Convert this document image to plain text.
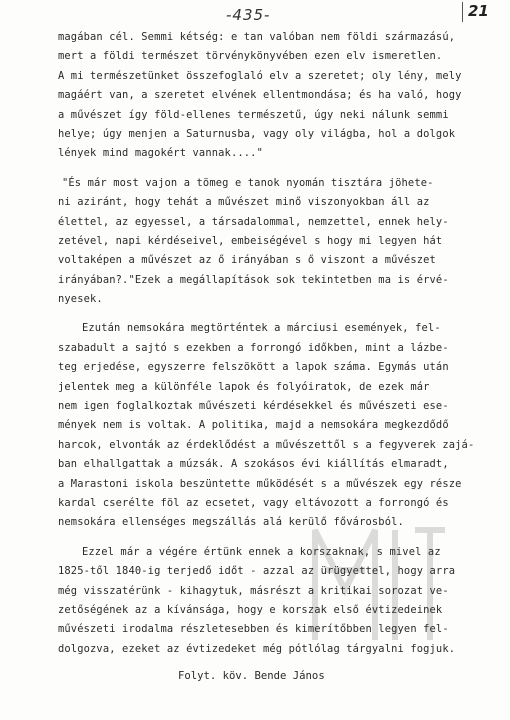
-435-	21
magában cél. Semmi kétség: e tan valóban nem földi származású,
mert a földi természet törvénykönyvében ezen elv ismeretlen.
A mi természetünket összefoglaló elv a szeretet; oly lény, mely
magáért van, a szeretet elvének ellentmondása; és ha való, hogy
a művészet így föld-ellenes természetű, úgy neki nálunk semmi
helye; úgy menjen a Saturnusba, vagy oly világba, hol a dolgok
lények mind magokért vannak...."
"És már most vajon a tömeg e tanok nyomán tisztára jöhete-
ni aziránt, hogy tehát a művészet minő viszonyokban áll az
élettel, az egyessel, a társadalommal, nemzettel, ennek hely-
zetével, napi kérdéseivel, embeiségével s hogy mi legyen hát
voltaképen a művészet az ő irányában s ő viszont a művészet
irányában?."Ezek a megállapítások sok tekintetben ma is érvé-
nyesek.
Ezután nemsokára megtörténtek a márciusi események, fel-
szabadult a sajtó s ezekben a forrongó időkben, mint a lázbe-
teg erjedése, egyszerre felszökött a lapok száma. Egymás után
jelentek meg a különféle lapok és folyóiratok, de ezek már
nem igen foglalkoztak művészeti kérdésekkel és művészeti ese-
mények nem is voltak. A politika, majd a nemsokára megkezdődő
harcok, elvonták az érdeklődést a művészettől s a fegyverek zajá-
ban elhallgattak a múzsák. A szokásos évi kiállítás elmaradt,
a Marastoni iskola beszüntette működését s a művészek egy része
kardal cserélte föl az ecsetet, vagy eltávozott a forrongó és
nemsokára ellenséges megszállás alá kerülő fővárosból.
Ezzel már a végére értünk ennek a korszaknak, s mivel az
1825-től 1840-ig terjedő időt - azzal az ürügyettel, hogy arra
még visszatérünk - kihagytuk, másrészt a kritikai sorozat ve-
zetőségének az a kívánsága, hogy e korszak első évtizedeinek
művészeti irodalma részletesebben és kimerítőbben legyen fel-
dolgozva, ezeket az évtizedeket még pótlólag tárgyalni fogjuk.
Folyt. köv. Bende János
